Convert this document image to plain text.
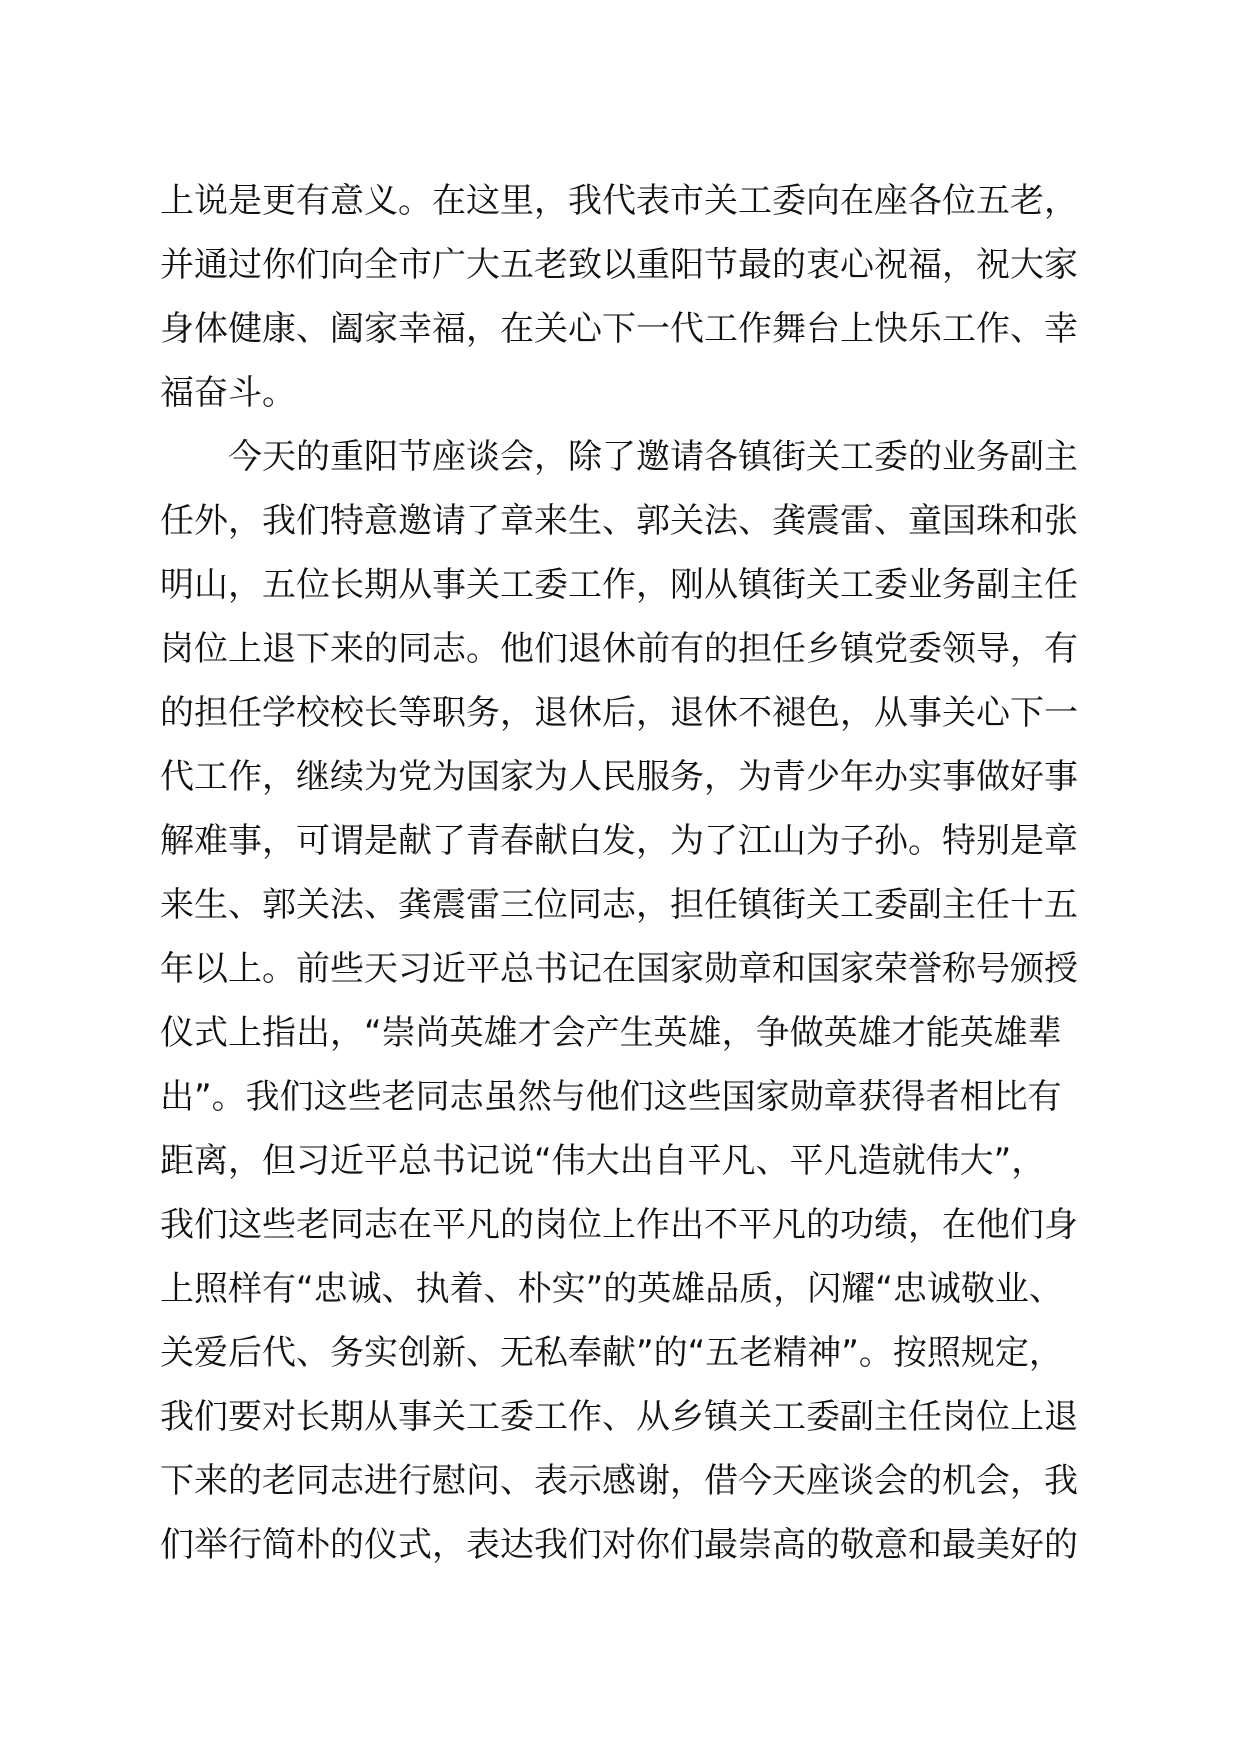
上说是更有意义。在这里，我代表市关工委向在座各位五老，
并通过你们向全市广大五老致以重阳节最的衷心祝福，祝大家
身体健康、阖家幸福，在关心下一代工作舞台上快乐工作、幸
福奋斗。
　　今天的重阳节座谈会，除了邀请各镇街关工委的业务副主
任外，我们特意邀请了章来生、郭关法、龚震雷、童国珠和张
明山，五位长期从事关工委工作，刚从镇街关工委业务副主任
岗位上退下来的同志。他们退休前有的担任乡镇党委领导，有
的担任学校校长等职务，退休后，退休不褪色，从事关心下一
代工作，继续为党为国家为人民服务，为青少年办实事做好事
解难事，可谓是献了青春献白发，为了江山为子孙。特别是章
来生、郭关法、龚震雷三位同志，担任镇街关工委副主任十五
年以上。前些天习近平总书记在国家勋章和国家荣誉称号颁授
仪式上指出，“崇尚英雄才会产生英雄，争做英雄才能英雄辈
出”。我们这些老同志虽然与他们这些国家勋章获得者相比有
距离，但习近平总书记说“伟大出自平凡、平凡造就伟大”，
我们这些老同志在平凡的岗位上作出不平凡的功绩，在他们身
上照样有“忠诚、执着、朴实”的英雄品质，闪耀“忠诚敬业、
关爱后代、务实创新、无私奉献”的“五老精神”。按照规定，
我们要对长期从事关工委工作、从乡镇关工委副主任岗位上退
下来的老同志进行慰问、表示感谢，借今天座谈会的机会，我
们举行简朴的仪式，表达我们对你们最崇高的敬意和最美好的
